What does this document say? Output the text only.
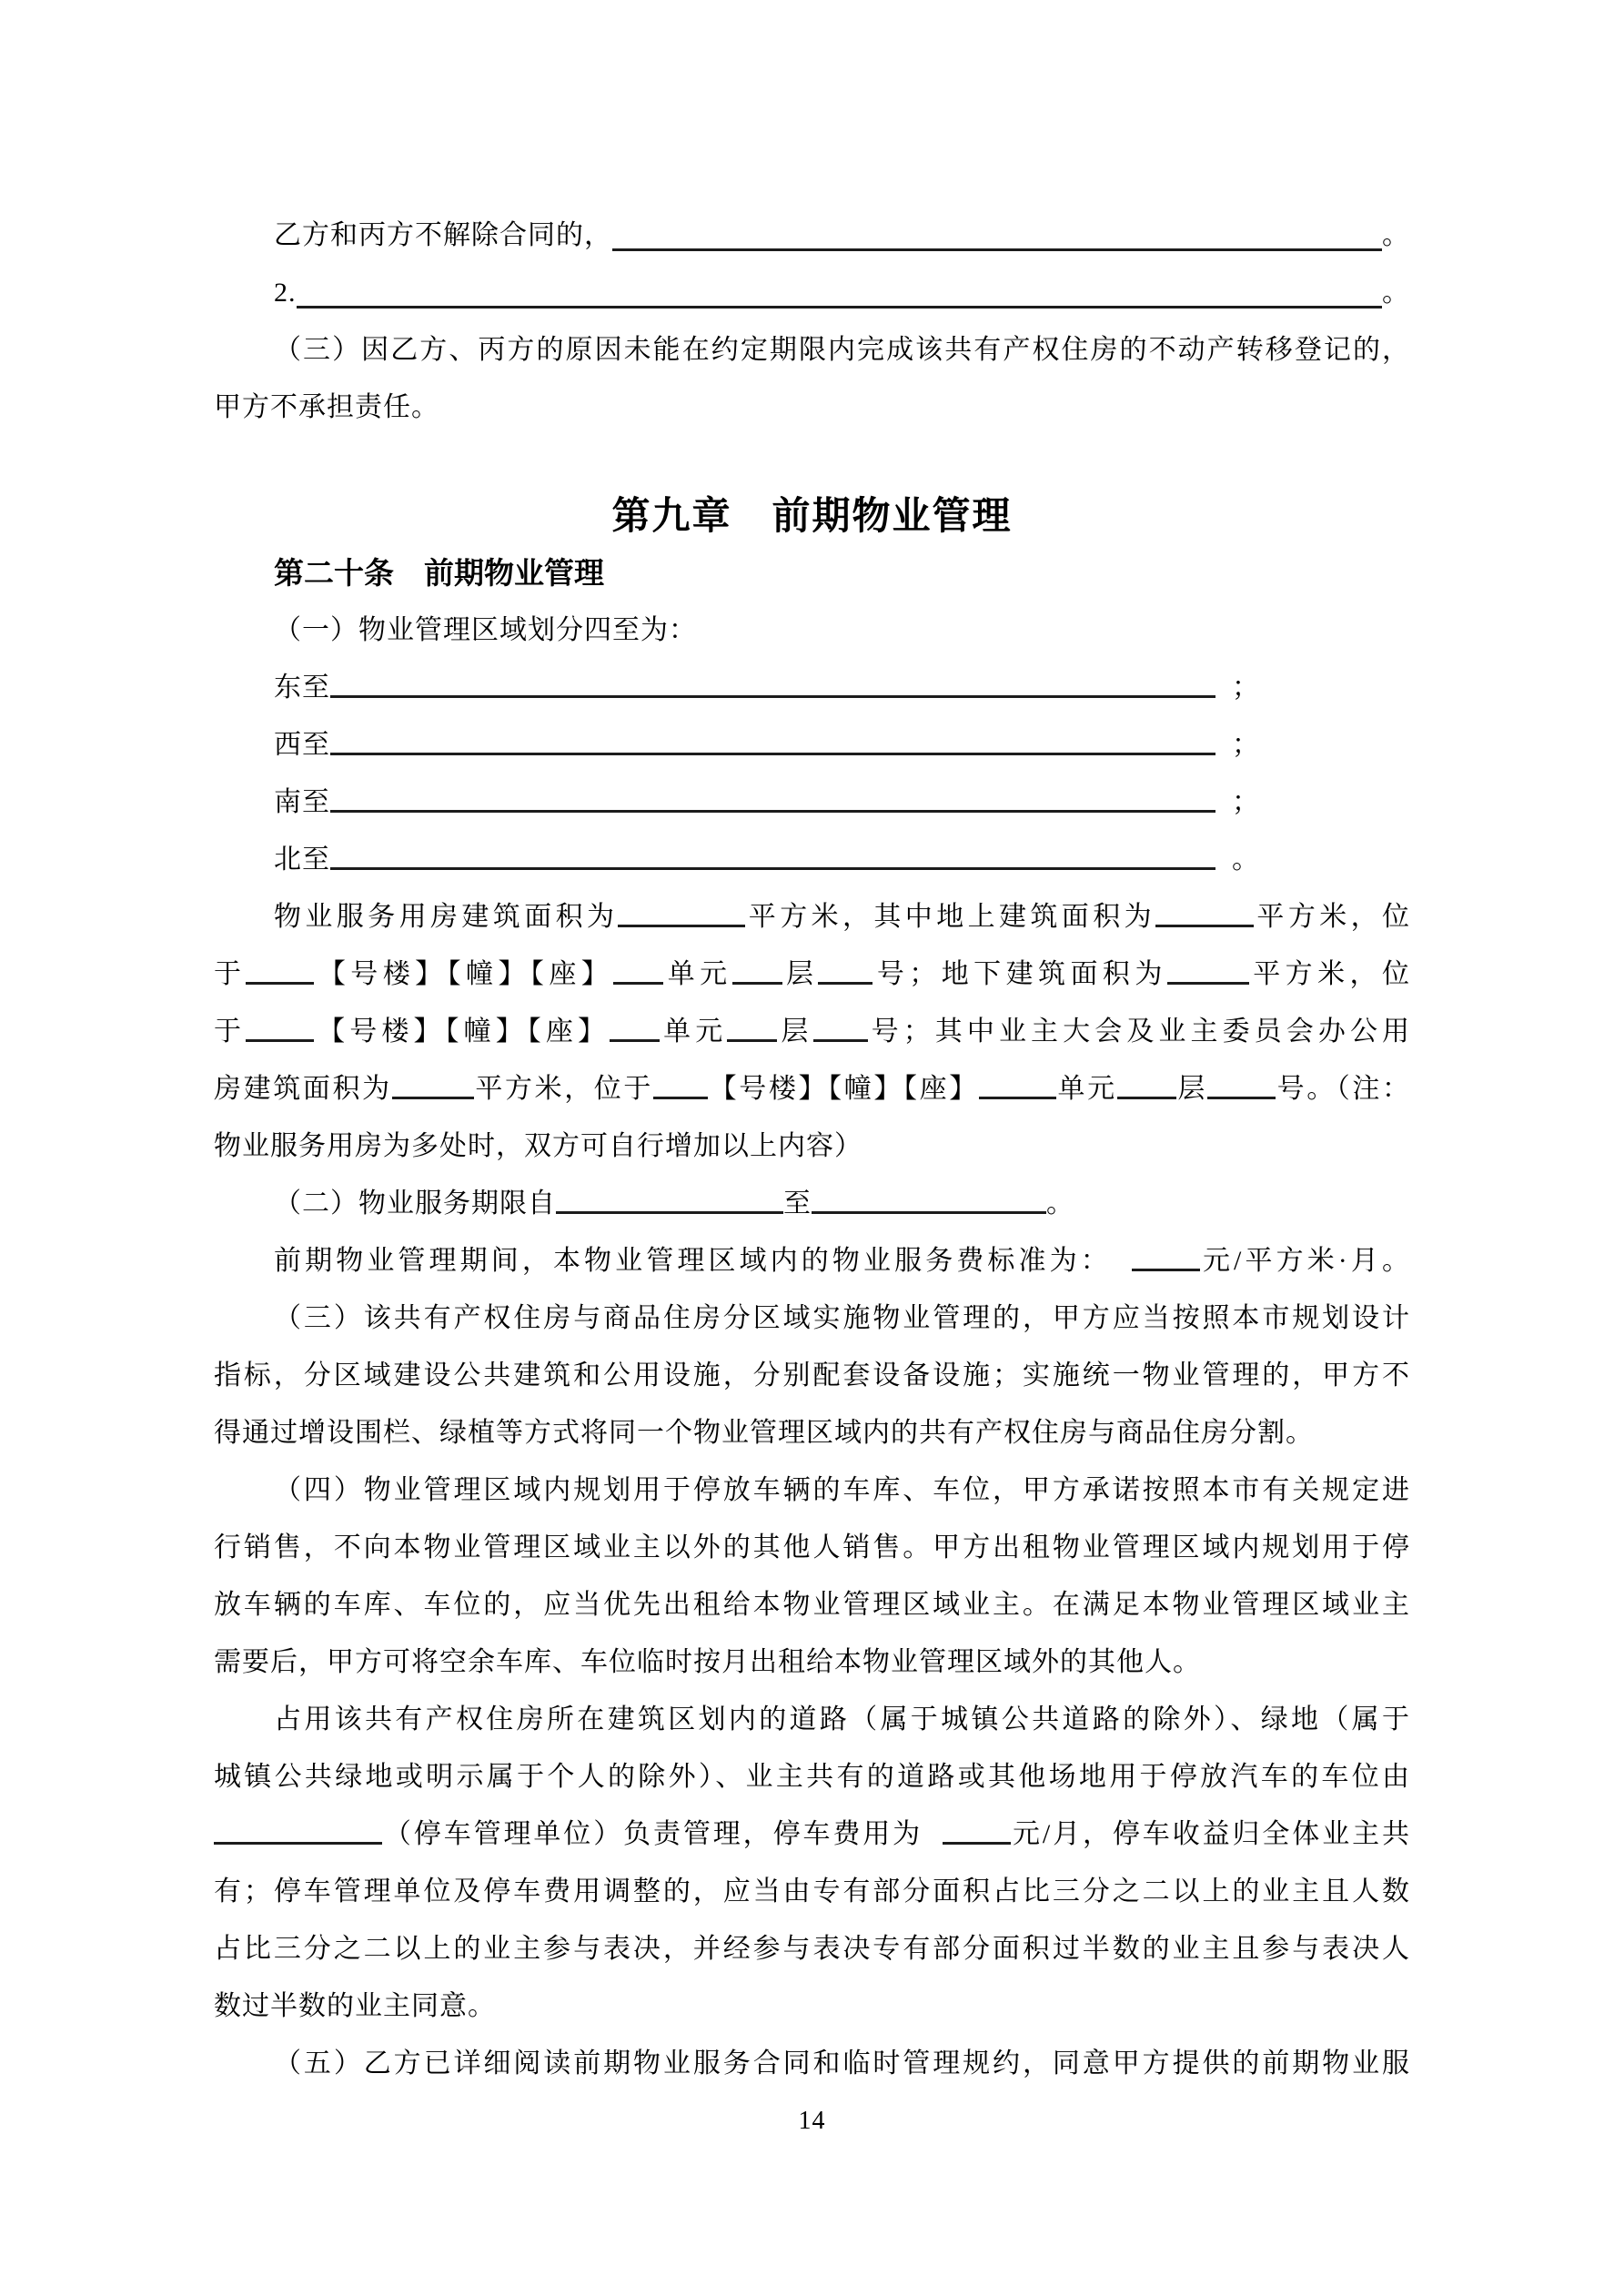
乙方和丙方不解除合同的，	。
2.	。
（三）因乙方、丙方的原因未能在约定期限内完成该共有产权住房的不动产转移登记的，
甲方不承担责任。
第九章　前期物业管理
第二十条　前期物业管理
（一）物业管理区域划分四至为：
东至	；
西至	；
南至	；
北至	。
物业服务用房建筑面积为	平方米，其中地上建筑面积为	平方米，位
于	【号楼】【幢】【座】 单元 层 号；地下建筑面积为	平方米，位
于	【号楼】【幢】【座】 单元 层 号；其中业主大会及业主委员会办公用
房建筑面积为	平方米，位于 【号楼】【幢】【座】	单元 层	号。（注：
物业服务用房为多处时，双方可自行增加以上内容）
（二）物业服务期限自	至	。
前期物业管理期间，本物业管理区域内的物业服务费标准为：	元/平方米·月。
（三）该共有产权住房与商品住房分区域实施物业管理的，甲方应当按照本市规划设计
指标，分区域建设公共建筑和公用设施，分别配套设备设施；实施统一物业管理的，甲方不
得通过增设围栏、绿植等方式将同一个物业管理区域内的共有产权住房与商品住房分割。
（四）物业管理区域内规划用于停放车辆的车库、车位，甲方承诺按照本市有关规定进
行销售，不向本物业管理区域业主以外的其他人销售。甲方出租物业管理区域内规划用于停
放车辆的车库、车位的，应当优先出租给本物业管理区域业主。在满足本物业管理区域业主
需要后，甲方可将空余车库、车位临时按月出租给本物业管理区域外的其他人。
占用该共有产权住房所在建筑区划内的道路（属于城镇公共道路的除外）、绿地（属于
城镇公共绿地或明示属于个人的除外）、业主共有的道路或其他场地用于停放汽车的车位由
（停车管理单位）负责管理，停车费用为	元/月，停车收益归全体业主共
有；停车管理单位及停车费用调整的，应当由专有部分面积占比三分之二以上的业主且人数
占比三分之二以上的业主参与表决，并经参与表决专有部分面积过半数的业主且参与表决人
数过半数的业主同意。
（五）乙方已详细阅读前期物业服务合同和临时管理规约，同意甲方提供的前期物业服
14
